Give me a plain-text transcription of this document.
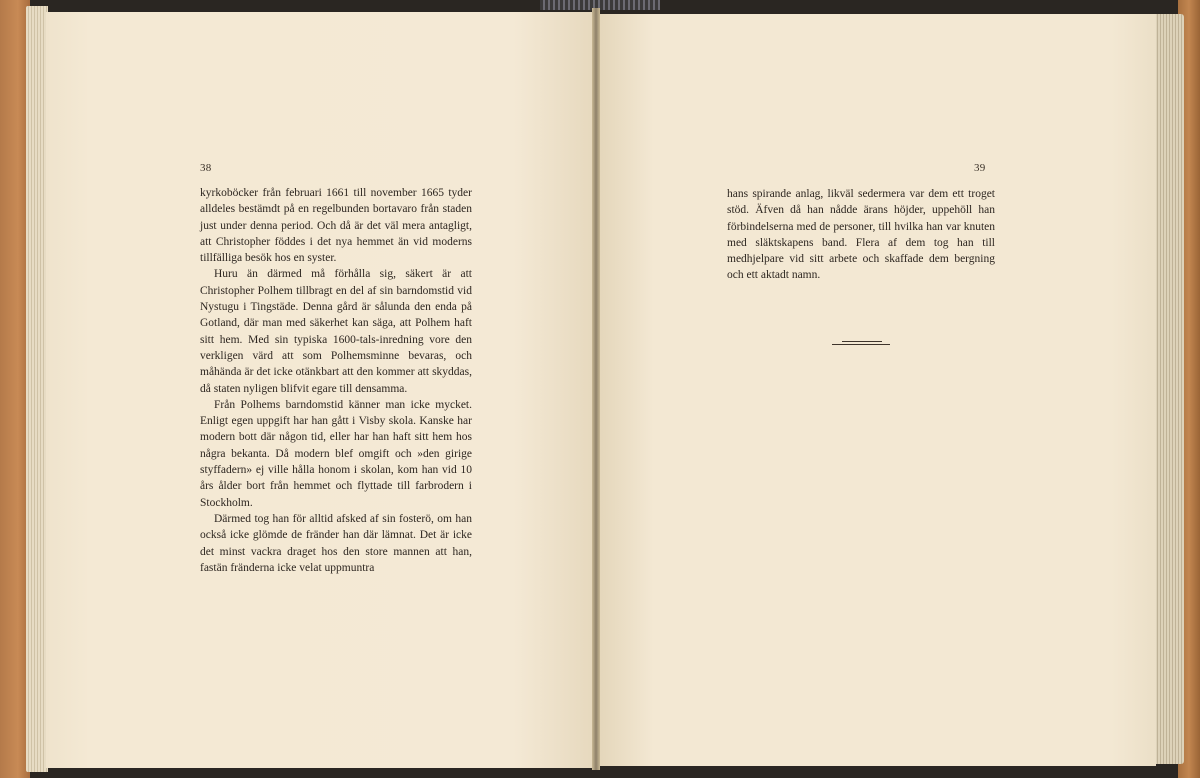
38

kyrkoböcker från februari 1661 till november 1665 tyder alldeles bestämdt på en regelbunden bortavaro från staden just under denna period. Och då är det väl mera antagligt, att Christopher föddes i det nya hemmet än vid moderns tillfälliga besök hos en syster.

Huru än därmed må förhålla sig, säkert är att Christopher Polhem tillbragt en del af sin barndomstid vid Nystugu i Tingstäde. Denna gård är sålunda den enda på Gotland, där man med säkerhet kan säga, att Polhem haft sitt hem. Med sin typiska 1600-tals-inredning vore den verkligen värd att som Polhemsminne bevaras, och måhända är det icke otänkbart att den kommer att skyddas, då staten nyligen blifvit egare till densamma.

Från Polhems barndomstid känner man icke mycket. Enligt egen uppgift har han gått i Visby skola. Kanske har modern bott där någon tid, eller har han haft sitt hem hos några bekanta. Då modern blef omgift och »den girige styffadern» ej ville hålla honom i skolan, kom han vid 10 års ålder bort från hemmet och flyttade till farbrodern i Stockholm.

Därmed tog han för alltid afsked af sin fosterö, om han också icke glömde de fränder han där lämnat. Det är icke det minst vackra draget hos den store mannen att han, fastän fränderna icke velat uppmuntra

39

hans spirande anlag, likväl sedermera var dem ett troget stöd. Äfven då han nådde ärans höjder, uppehöll han förbindelserna med de personer, till hvilka han var knuten med släktskapens band. Flera af dem tog han till medhjelpare vid sitt arbete och skaffade dem bergning och ett aktadt namn.
